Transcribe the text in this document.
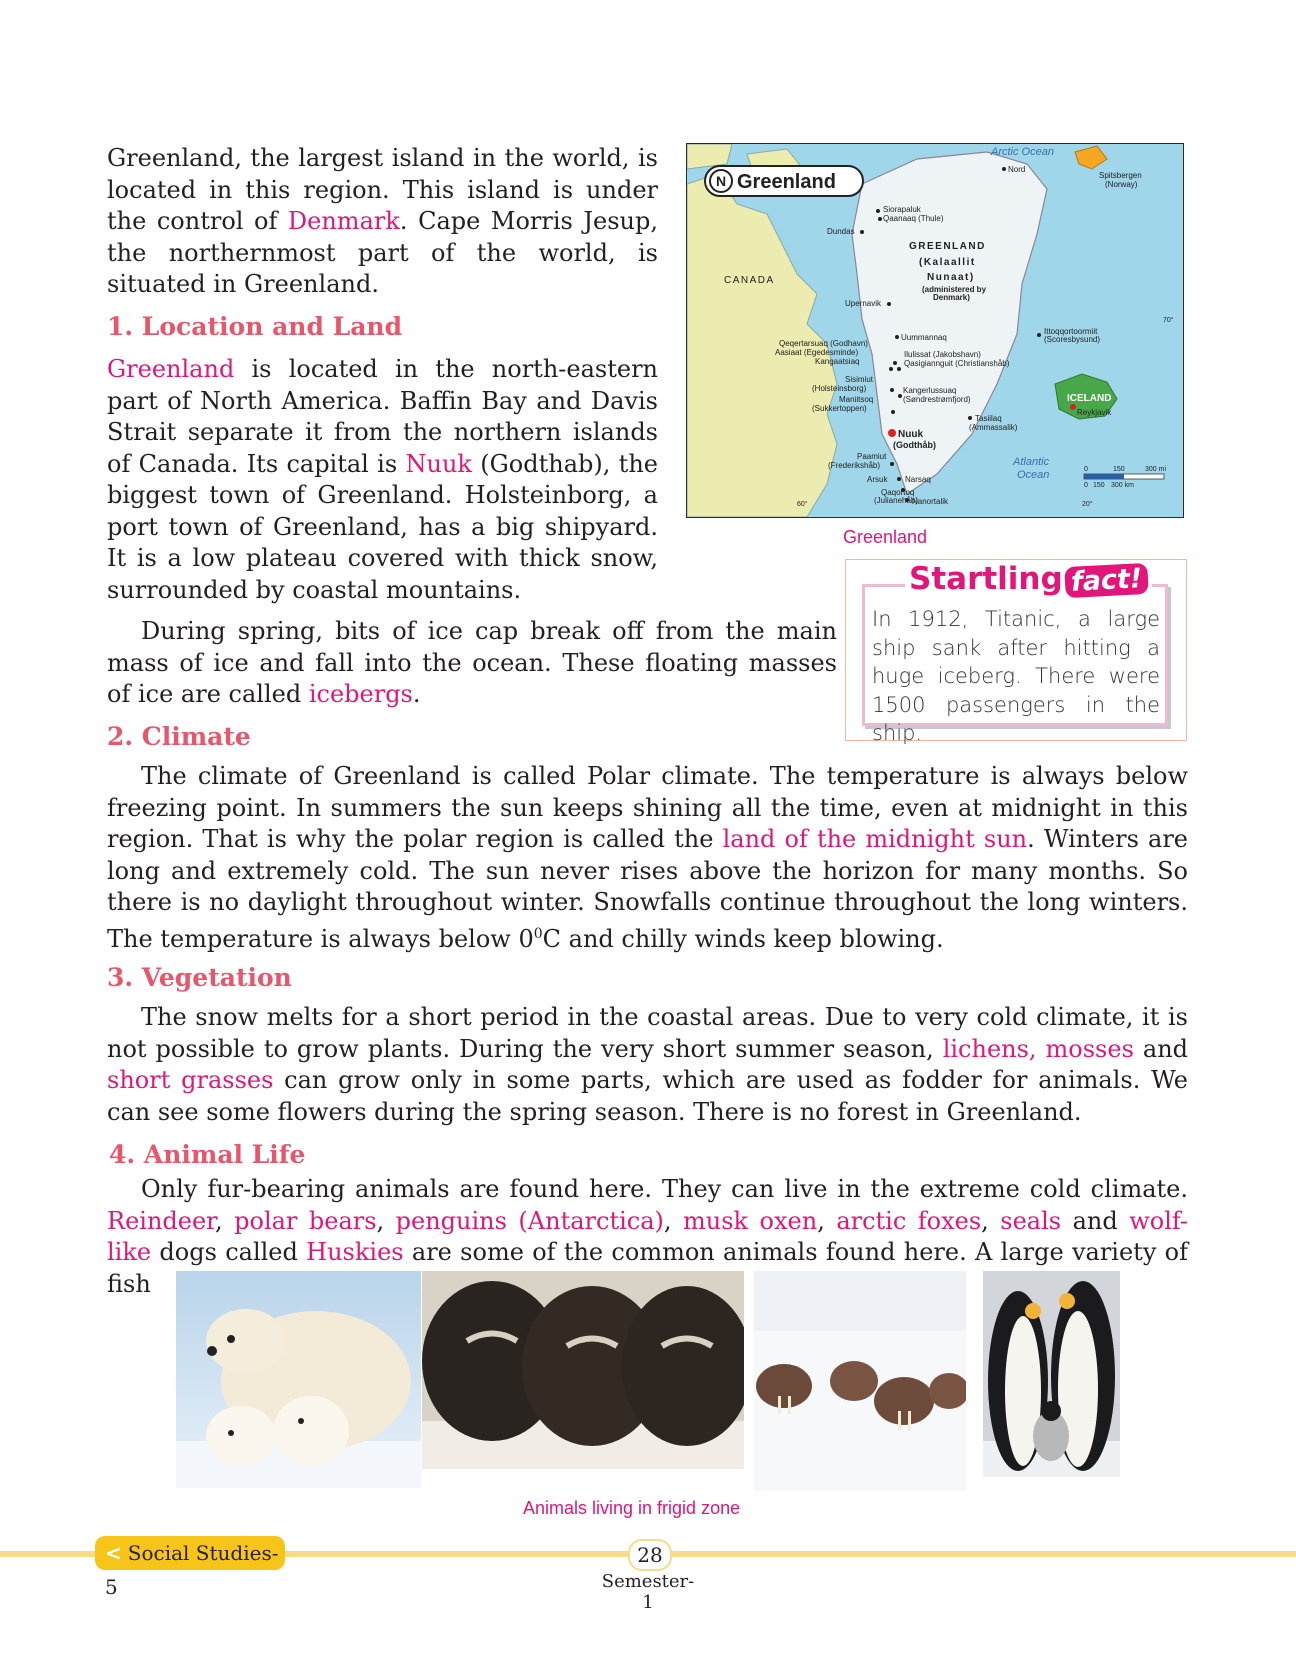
Greenland, the largest island in the world, is located in this region. This island is under the control of Denmark. Cape Morris Jesup, the northernmost part of the world, is situated in Greenland.

N Greenland
Arctic Ocean
Nord
Spitsbergen
(Norway)
Siorapaluk
Qaanaaq (Thule)
Dundas
GREENLAND
(Kalaallit
Nunaat)
(administered by
Denmark)
CANADA
Upernavik
Uummannaq
Ittoqqortoormiit
(Scoresbysund)
70°
Qeqertarsuaq (Godhavn)
Aasiaat (Egedesminde)
Kangaatsiaq
Ilulissat (Jakobshavn)
Qasigiannguit (Christianshåb)
Sisimiut
(Holsteinsborg)
Maniitsoq
(Sukkertoppen)
Kangerlussuaq
(Søndrestrømfjord)	ICELAND
Reykjavik
Tasiilaq
(Ammassalik)
Nuuk
(Godthåb)
Paamiut
(Frederikshåb)	Atlantic
Ocean
Arsuk Narsaq
Qaqortoq
(Julianehåb)
Nanortalik
60°	20°
0	150	300 mi
0 150 300 km
Greenland
1. Location and Land

Greenland is located in the north-eastern part of North America. Baffin Bay and Davis Strait separate it from the northern islands of Canada. Its capital is Nuuk (Godthab), the biggest town of Greenland. Holsteinborg, a port town of Greenland, has a big shipyard. It is a low plateau covered with thick snow, surrounded by coastal mountains.

During spring, bits of ice cap break off from the main mass of ice and fall into the ocean. These floating masses of ice are called icebergs.

Startling fact!

In 1912, Titanic, a large ship sank after hitting a huge iceberg. There were 1500 passengers in the ship.

2. Climate

The climate of Greenland is called Polar climate. The temperature is always below freezing point. In summers the sun keeps shining all the time, even at midnight in this region. That is why the polar region is called the land of the midnight sun. Winters are long and extremely cold. The sun never rises above the horizon for many months. So there is no daylight throughout winter. Snowfalls continue throughout the long winters. The temperature is always below $0^0C$ and chilly winds keep blowing.

3. Vegetation

The snow melts for a short period in the coastal areas. Due to very cold climate, it is not possible to grow plants. During the very short summer season, lichens, mosses and short grasses can grow only in some parts, which are used as fodder for animals. We can see some flowers during the spring season. There is no forest in Greenland.

4. Animal Life

Only fur-bearing animals are found here. They can live in the extreme cold climate. Reindeer, polar bears, penguins (Antarctica), musk oxen, arctic foxes, seals and wolf-like dogs called Huskies are some of the common animals found here. A large variety of fish

Animals living in frigid zone
< Social Studies-5
28
Semester-1
